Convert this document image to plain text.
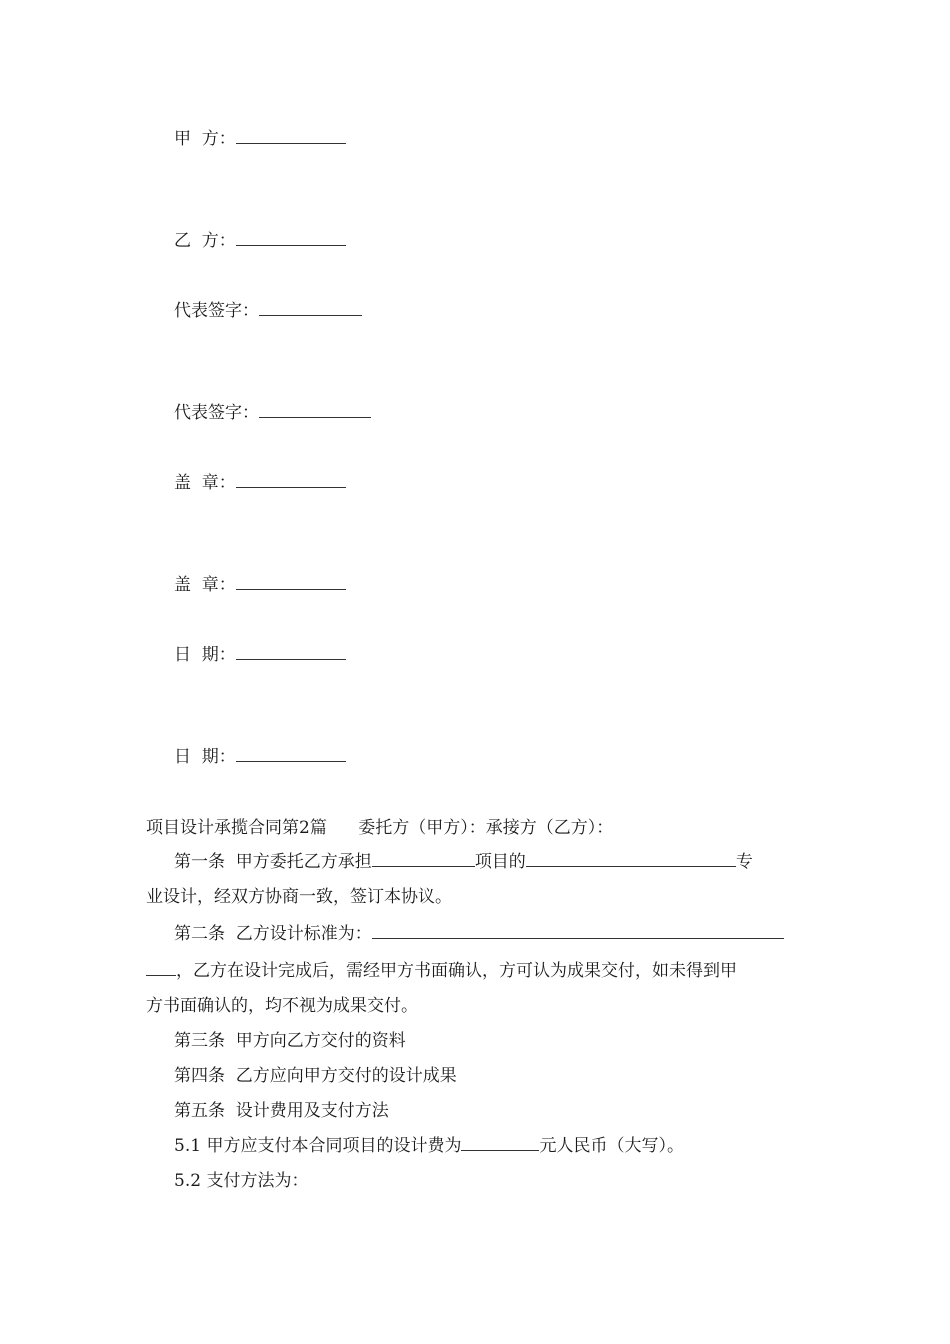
甲  方：
乙  方：
代表签字：
代表签字：
盖  章：
盖  章：
日  期：
日  期：
项目设计承揽合同第2篇 委托方（甲方）：承接方（乙方）：
第一条  甲方委托乙方承担	项目的	专
业设计，经双方协商一致，签订本协议。
第二条  乙方设计标准为：
，乙方在设计完成后，需经甲方书面确认，方可认为成果交付，如未得到甲
方书面确认的，均不视为成果交付。
第三条  甲方向乙方交付的资料
第四条  乙方应向甲方交付的设计成果
第五条  设计费用及支付方法
5.1 甲方应支付本合同项目的设计费为	元人民币（大写）。
5.2 支付方法为：
